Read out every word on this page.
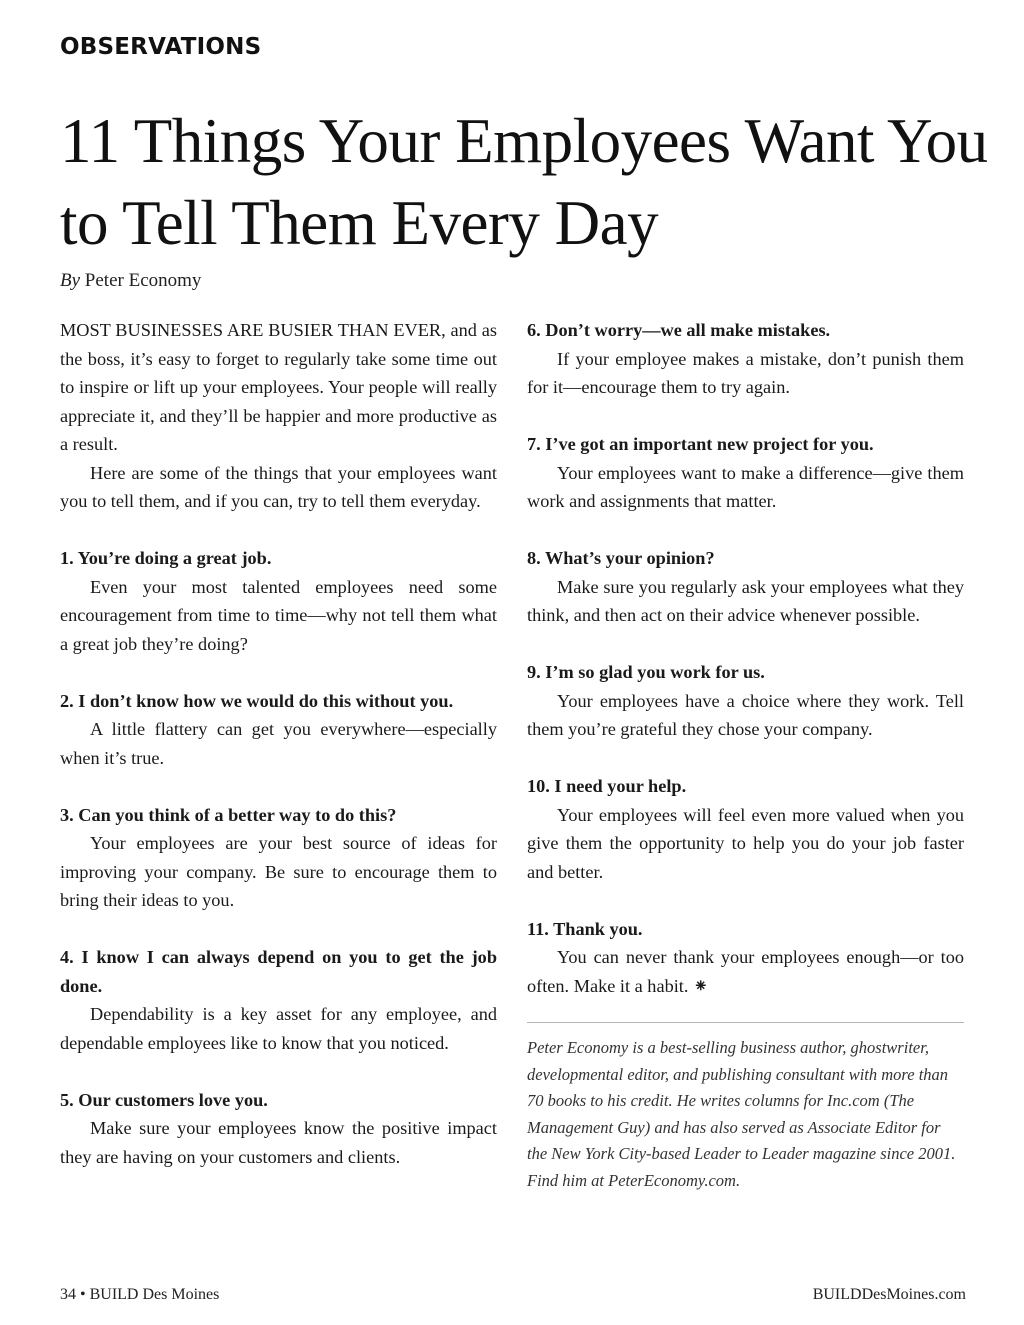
OBSERVATIONS
11 Things Your Employees Want You to Tell Them Every Day
By Peter Economy

MOST BUSINESSES ARE BUSIER THAN EVER, and as the boss, it’s easy to forget to regularly take some time out to inspire or lift up your employees. Your people will really appreciate it, and they’ll be happier and more productive as a result.

Here are some of the things that your employees want you to tell them, and if you can, try to tell them everyday.

1. You’re doing a great job.

Even your most talented employees need some encouragement from time to time—why not tell them what a great job they’re doing?

2. I don’t know how we would do this without you.

A little flattery can get you everywhere—especially when it’s true.

3. Can you think of a better way to do this?

Your employees are your best source of ideas for improving your company. Be sure to encourage them to bring their ideas to you.

4. I know I can always depend on you to get the job done.

Dependability is a key asset for any employee, and dependable employees like to know that you noticed.

5. Our customers love you.

Make sure your employees know the positive impact they are having on your customers and clients.

6. Don’t worry—we all make mistakes.

If your employee makes a mistake, don’t punish them for it—encourage them to try again.

7. I’ve got an important new project for you.

Your employees want to make a difference—give them work and assignments that matter.

8. What’s your opinion?

Make sure you regularly ask your employees what they think, and then act on their advice whenever possible.

9. I’m so glad you work for us.

Your employees have a choice where they work. Tell them you’re grateful they chose your company.

10. I need your help.

Your employees will feel even more valued when you give them the opportunity to help you do your job faster and better.

11. Thank you.

You can never thank your employees enough—or too often. Make it a habit. ⁕

Peter Economy is a best-selling business author, ghostwriter, developmental editor, and publishing consultant with more than 70 books to his credit. He writes columns for Inc.com (The Management Guy) and has also served as Associate Editor for the New York City-based Leader to Leader magazine since 2001. Find him at PeterEconomy.com.

34 • BUILD Des Moines	BUILDDesMoines.com
